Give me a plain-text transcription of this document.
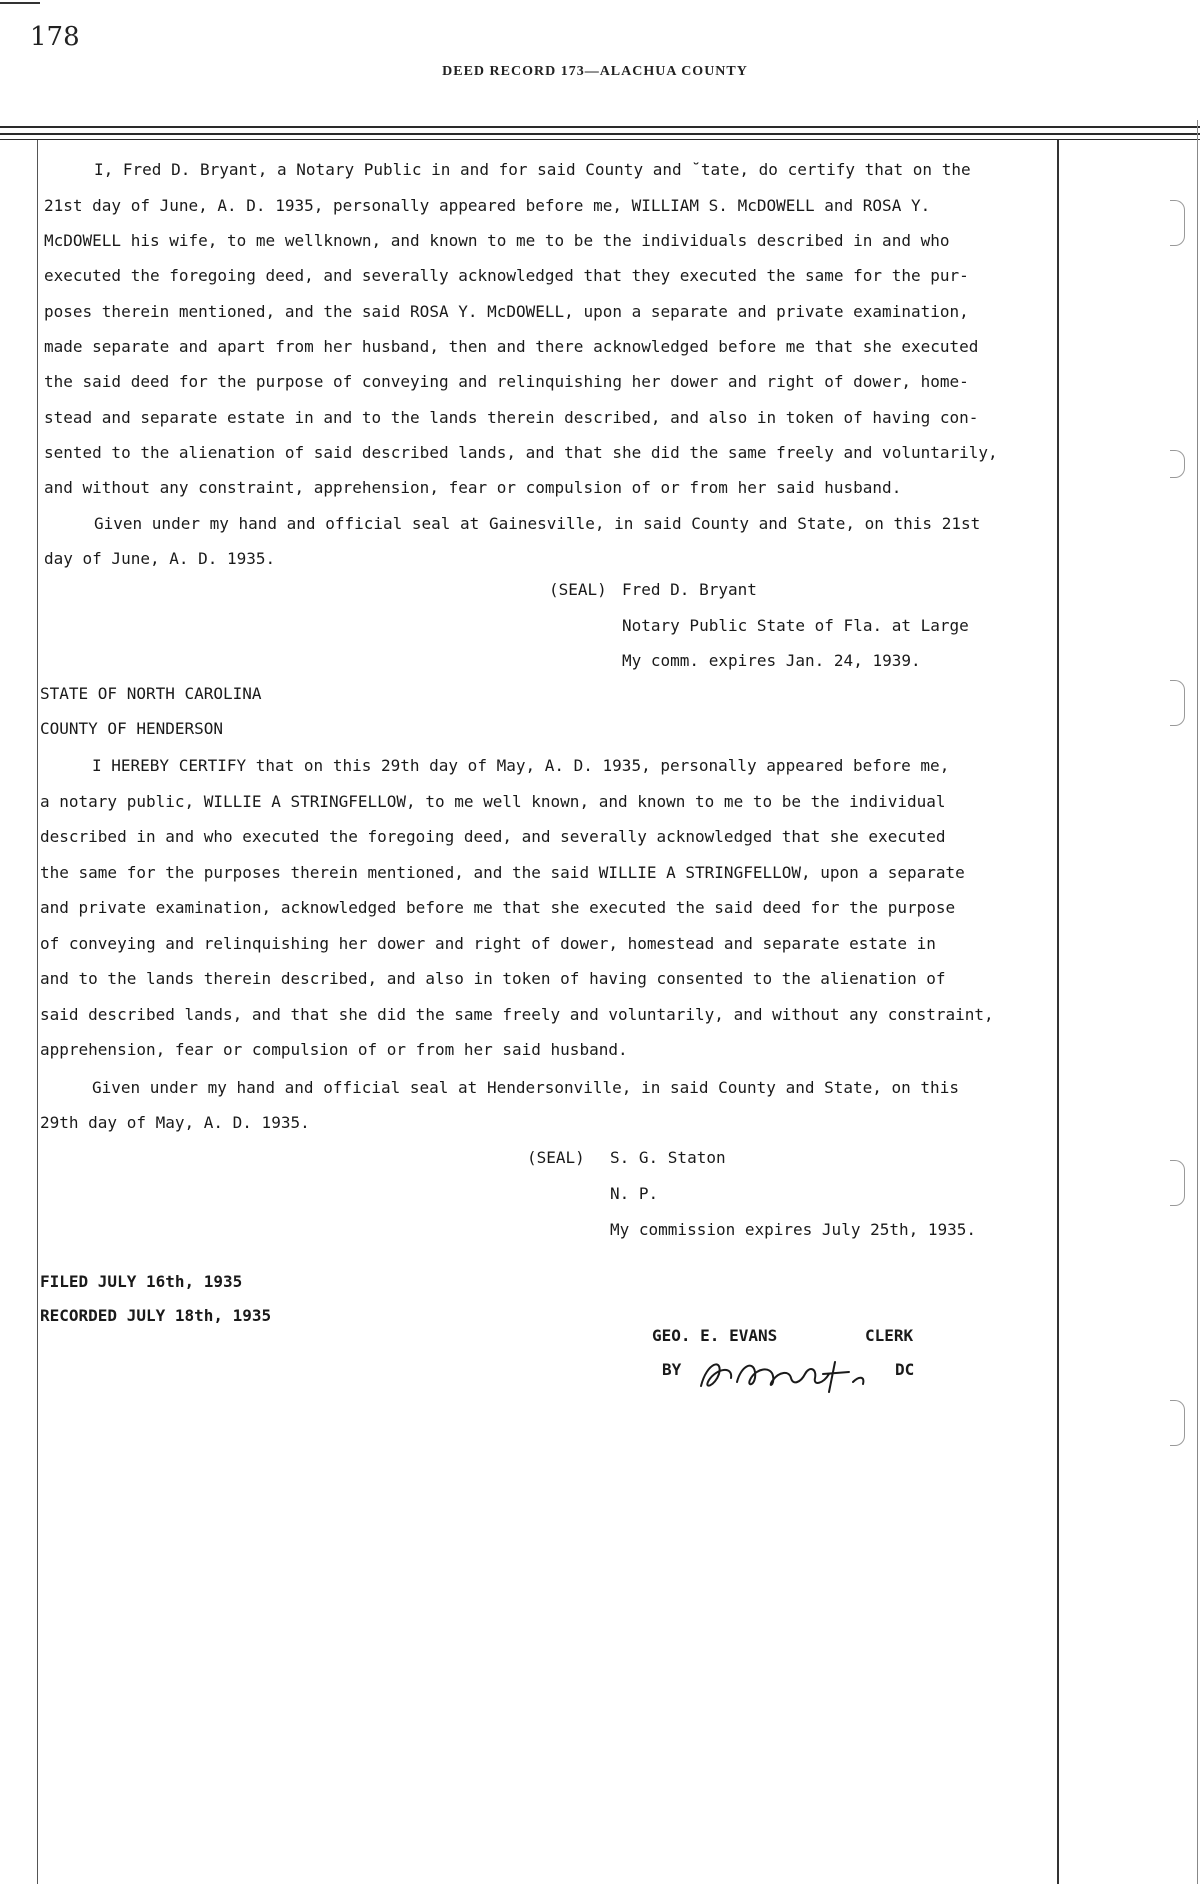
178
DEED RECORD 173—ALACHUA COUNTY
I, Fred D. Bryant, a Notary Public in and for said County and ˘tate, do certify that on the
21st day of June, A. D. 1935, personally appeared before me, WILLIAM S. McDOWELL and ROSA Y.
McDOWELL his wife, to me wellknown, and known to me to be the individuals described in and who
executed the foregoing deed, and severally acknowledged that they executed the same for the pur-
poses therein mentioned, and the said ROSA Y. McDOWELL, upon a separate and private examination,
made separate and apart from her husband, then and there acknowledged before me that she executed
the said deed for the purpose of conveying and relinquishing her dower and right of dower, home-
stead and separate estate in and to the lands therein described, and also in token of having con-
sented to the alienation of said described lands, and that she did the same freely and voluntarily,
and without any constraint, apprehension, fear or compulsion of or from her said husband.
Given under my hand and official seal at Gainesville, in said County and State, on this 21st
day of June, A. D. 1935.
(SEAL) Fred D. Bryant
Notary Public State of Fla. at Large
My comm. expires Jan. 24, 1939.
STATE OF NORTH CAROLINA
COUNTY OF HENDERSON
I HEREBY CERTIFY that on this 29th day of May, A. D. 1935, personally appeared before me,
a notary public, WILLIE A STRINGFELLOW, to me well known, and known to me to be the individual
described in and who executed the foregoing deed, and severally acknowledged that she executed
the same for the purposes therein mentioned, and the said WILLIE A STRINGFELLOW, upon a separate
and private examination, acknowledged before me that she executed the said deed for the purpose
of conveying and relinquishing her dower and right of dower, homestead and separate estate in
and to the lands therein described, and also in token of having consented to the alienation of
said described lands, and that she did the same freely and voluntarily, and without any constraint,
apprehension, fear or compulsion of or from her said husband.
Given under my hand and official seal at Hendersonville, in said County and State, on this
29th day of May, A. D. 1935.
(SEAL) S. G. Staton
N. P.
My commission expires July 25th, 1935.
FILED JULY 16th, 1935
RECORDED JULY 18th, 1935
GEO. E. EVANS	CLERK
BY	DC
